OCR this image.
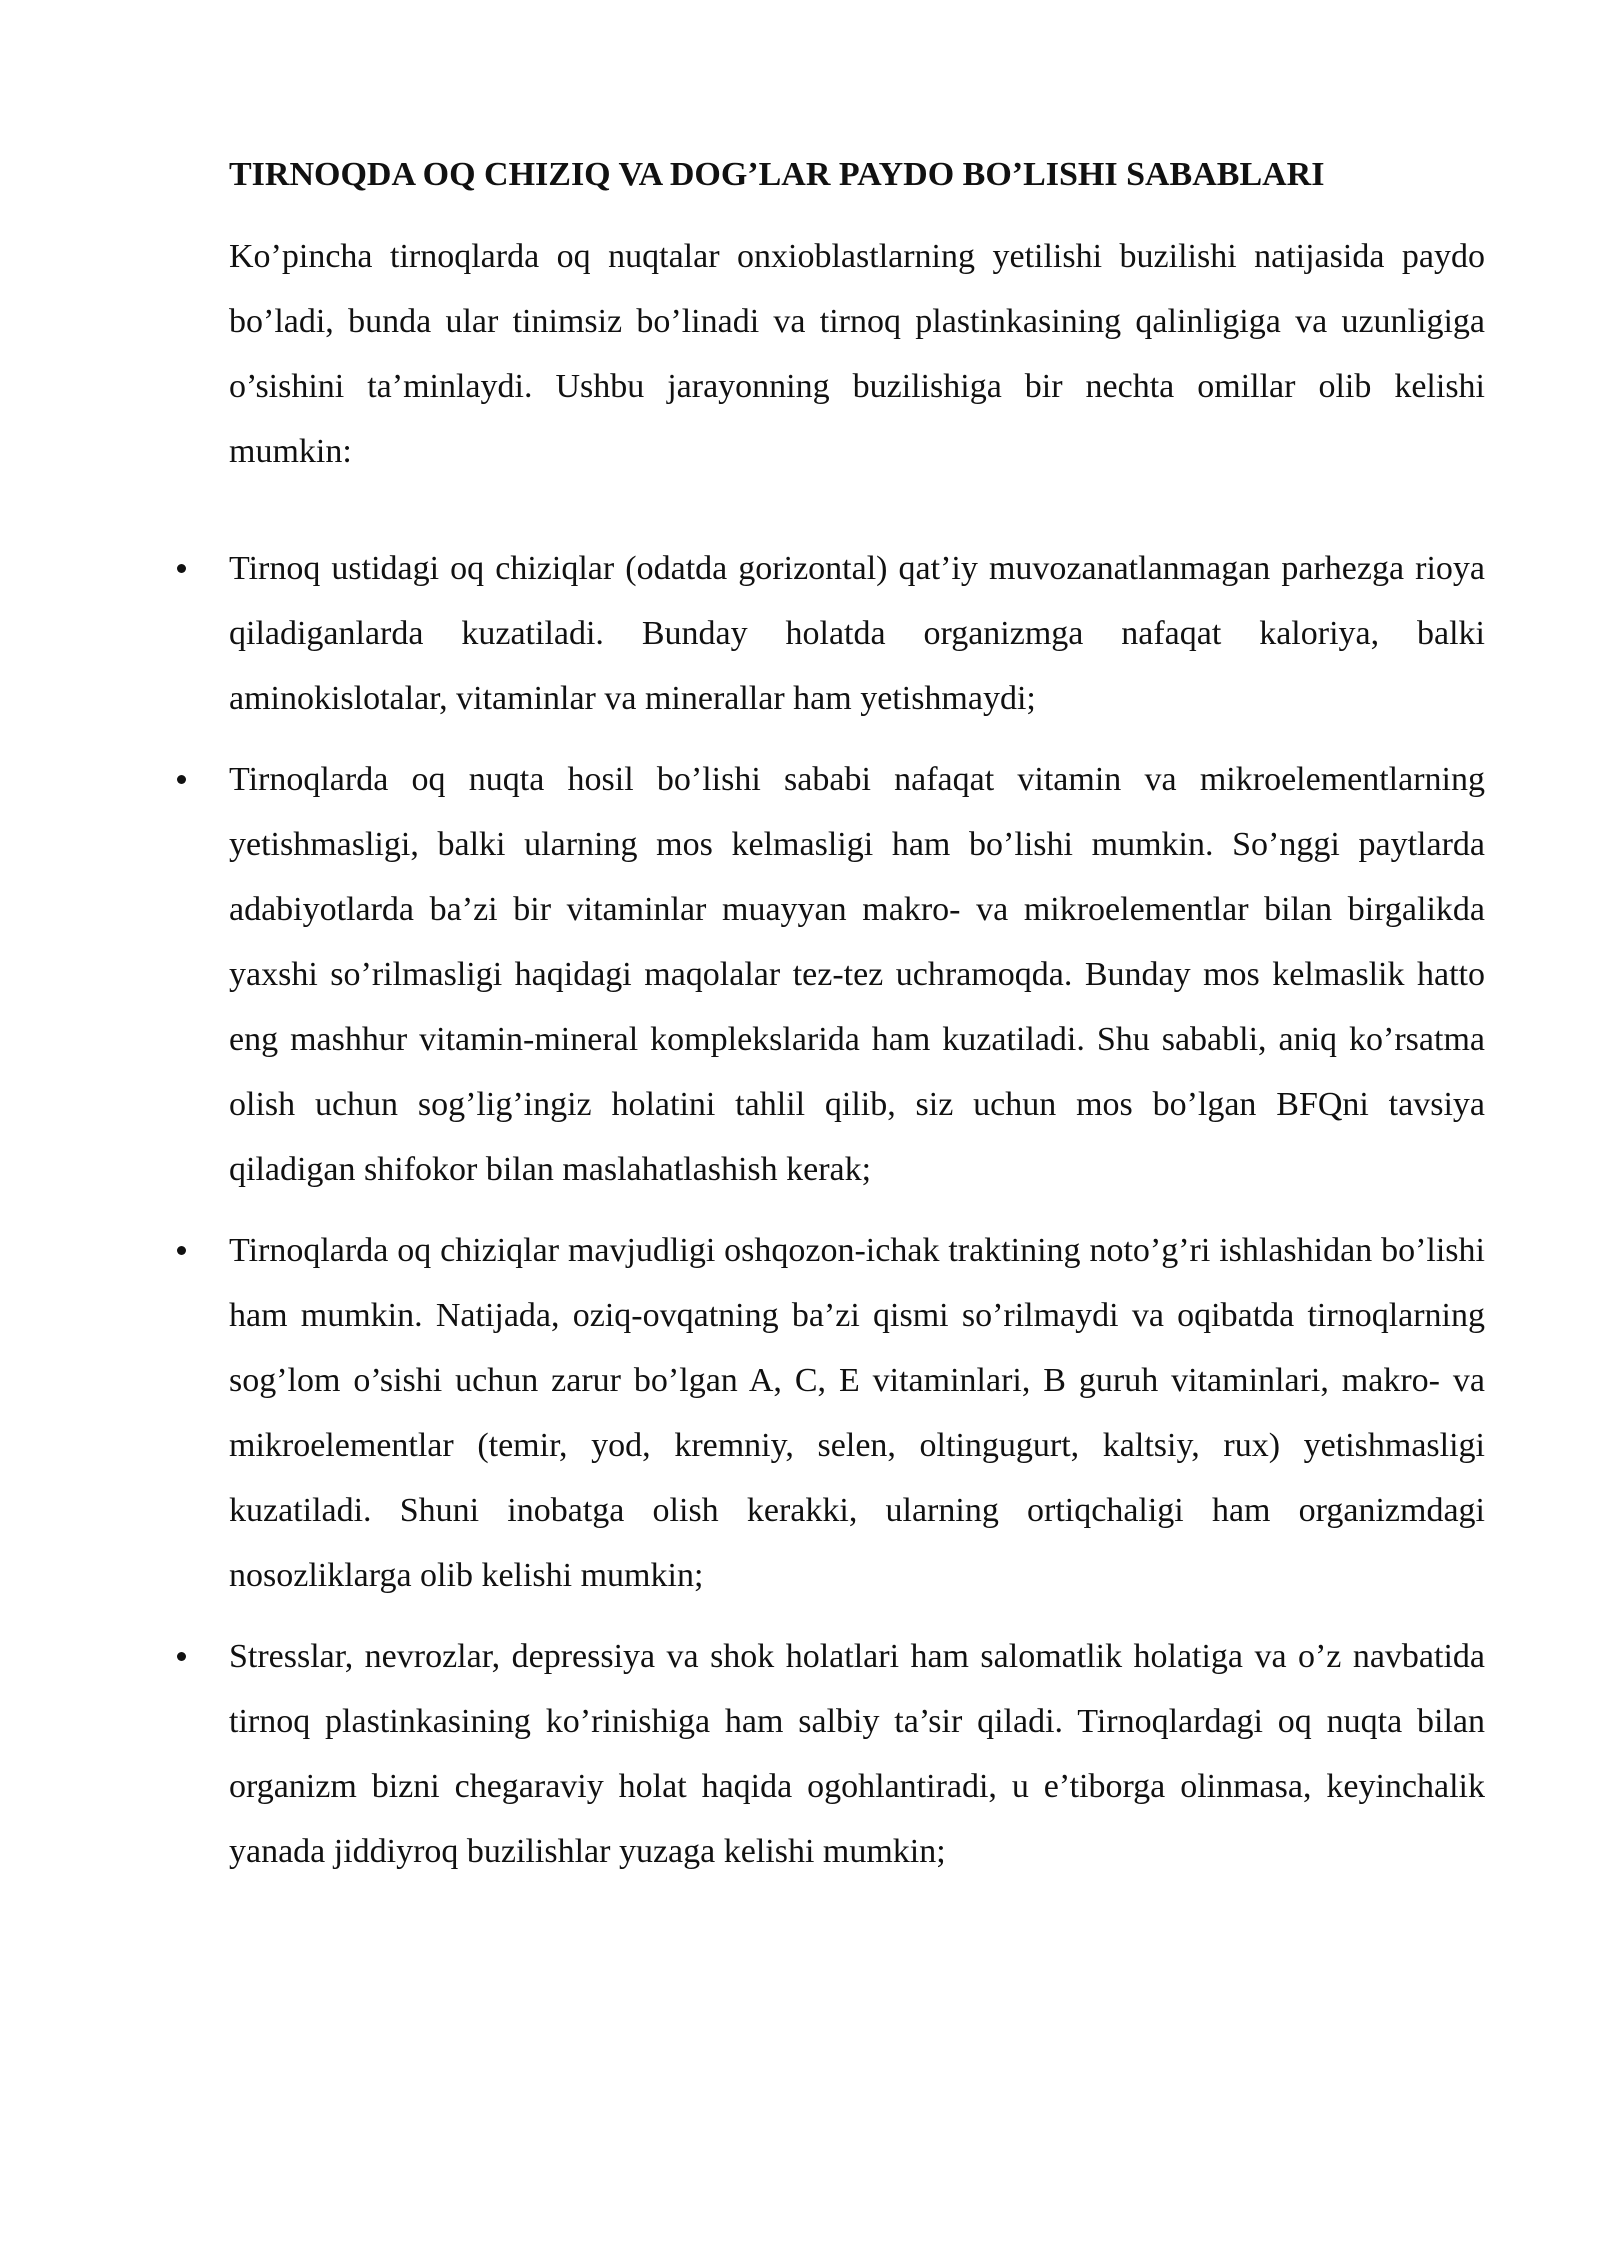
TIRNOQDA OQ CHIZIQ VA DOG’LAR PAYDO BO’LISHI SABABLARI

Ko’pincha tirnoqlarda oq nuqtalar onxioblastlarning yetilishi buzilishi natijasida paydo bo’ladi, bunda ular tinimsiz bo’linadi va tirnoq plastinkasining qalinligiga va uzunligiga o’sishini ta’minlaydi. Ushbu jarayonning buzilishiga bir nechta omillar olib kelishi mumkin:

Tirnoq ustidagi oq chiziqlar (odatda gorizontal) qat’iy muvozanatlanmagan parhezga rioya qiladiganlarda kuzatiladi. Bunday holatda organizmga nafaqat kaloriya, balki aminokislotalar, vitaminlar va minerallar ham yetishmaydi;
Tirnoqlarda oq nuqta hosil bo’lishi sababi nafaqat vitamin va mikroelementlarning yetishmasligi, balki ularning mos kelmasligi ham bo’lishi mumkin. So’nggi paytlarda adabiyotlarda ba’zi bir vitaminlar muayyan makro- va mikroelementlar bilan birgalikda yaxshi so’rilmasligi haqidagi maqolalar tez-tez uchramoqda. Bunday mos kelmaslik hatto eng mashhur vitamin-mineral komplekslarida ham kuzatiladi. Shu sababli, aniq ko’rsatma olish uchun sog’lig’ingiz holatini tahlil qilib, siz uchun mos bo’lgan BFQni tavsiya qiladigan shifokor bilan maslahatlashish kerak;
Tirnoqlarda oq chiziqlar mavjudligi oshqozon-ichak traktining noto’g’ri ishlashidan bo’lishi ham mumkin. Natijada, oziq-ovqatning ba’zi qismi so’rilmaydi va oqibatda tirnoqlarning sog’lom o’sishi uchun zarur bo’lgan A, C, E vitaminlari, B guruh vitaminlari, makro- va mikroelementlar (temir, yod, kremniy, selen, oltingugurt, kaltsiy, rux) yetishmasligi kuzatiladi. Shuni inobatga olish kerakki, ularning ortiqchaligi ham organizmdagi nosozliklarga olib kelishi mumkin;
Stresslar, nevrozlar, depressiya va shok holatlari ham salomatlik holatiga va o’z navbatida tirnoq plastinkasining ko’rinishiga ham salbiy ta’sir qiladi. Tirnoqlardagi oq nuqta bilan organizm bizni chegaraviy holat haqida ogohlantiradi, u e’tiborga olinmasa, keyinchalik yanada jiddiyroq buzilishlar yuzaga kelishi mumkin;
